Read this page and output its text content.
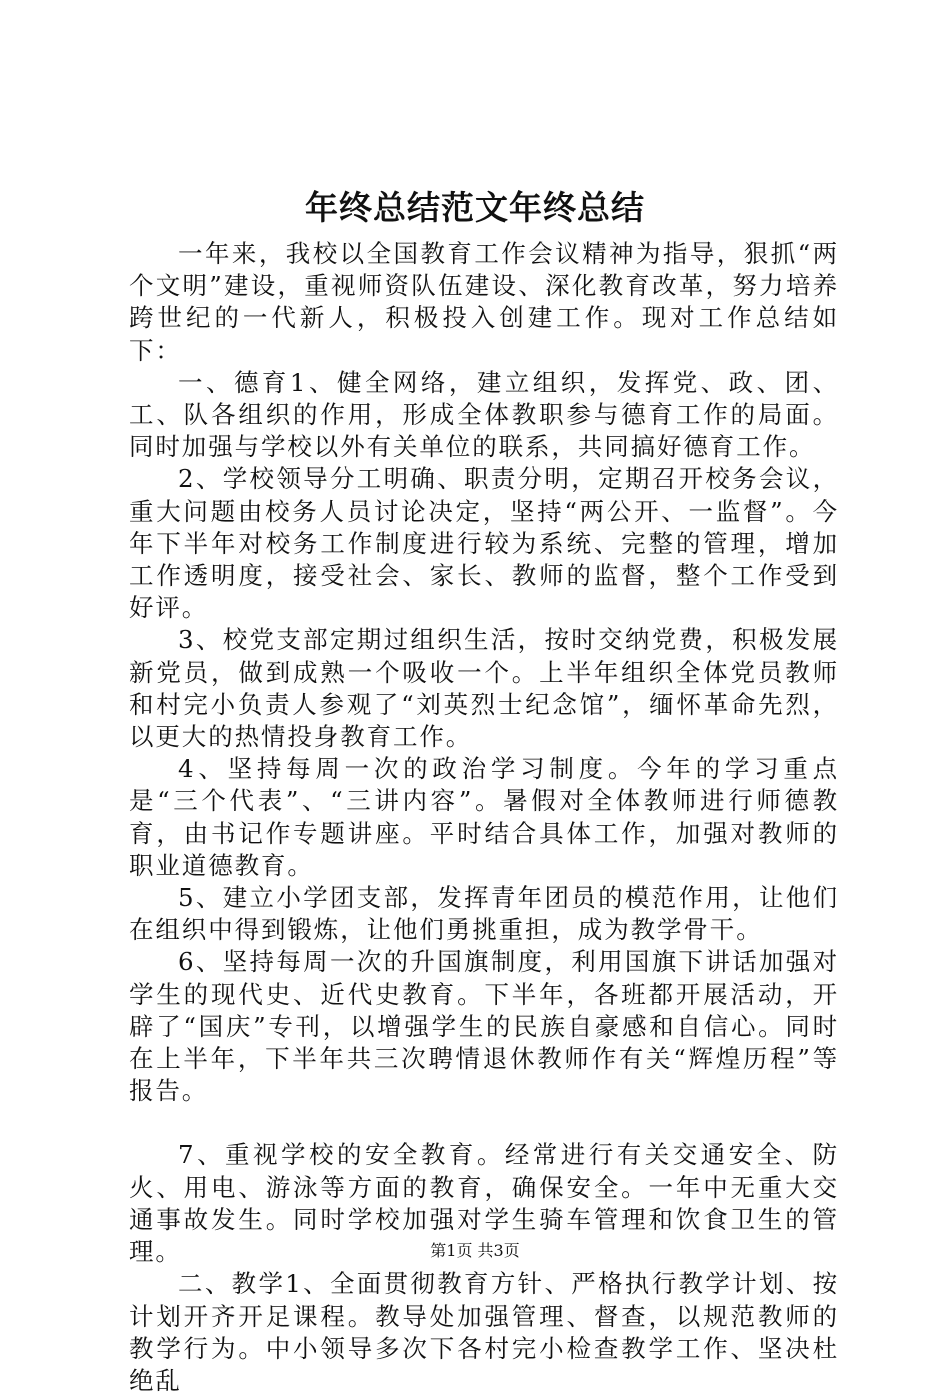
年终总结范文年终总结

一年来，我校以全国教育工作会议精神为指导，狠抓“两个文明”建设，重视师资队伍建设、深化教育改革，努力培养跨世纪的一代新人，积极投入创建工作。现对工作总结如下：

一、德育1、健全网络，建立组织，发挥党、政、团、工、队各组织的作用，形成全体教职参与德育工作的局面。同时加强与学校以外有关单位的联系，共同搞好德育工作。

2、学校领导分工明确、职责分明，定期召开校务会议，重大问题由校务人员讨论决定，坚持“两公开、一监督”。今年下半年对校务工作制度进行较为系统、完整的管理，增加工作透明度，接受社会、家长、教师的监督，整个工作受到好评。

3、校党支部定期过组织生活，按时交纳党费，积极发展新党员，做到成熟一个吸收一个。上半年组织全体党员教师和村完小负责人参观了“刘英烈士纪念馆”，缅怀革命先烈，以更大的热情投身教育工作。

4、坚持每周一次的政治学习制度。今年的学习重点是“三个代表”、“三讲内容”。暑假对全体教师进行师德教育，由书记作专题讲座。平时结合具体工作，加强对教师的职业道德教育。

5、建立小学团支部，发挥青年团员的模范作用，让他们在组织中得到锻炼，让他们勇挑重担，成为教学骨干。

6、坚持每周一次的升国旗制度，利用国旗下讲话加强对学生的现代史、近代史教育。下半年，各班都开展活动，开辟了“国庆”专刊，以增强学生的民族自豪感和自信心。同时在上半年，下半年共三次聘情退休教师作有关“辉煌历程”等报告。

7、重视学校的安全教育。经常进行有关交通安全、防火、用电、游泳等方面的教育，确保安全。一年中无重大交通事故发生。同时学校加强对学生骑车管理和饮食卫生的管理。

二、教学1、全面贯彻教育方针、严格执行教学计划、按计划开齐开足课程。教导处加强管理、督查，以规范教师的教学行为。中小领导多次下各村完小检查教学工作、坚决杜绝乱

第1页 共3页
